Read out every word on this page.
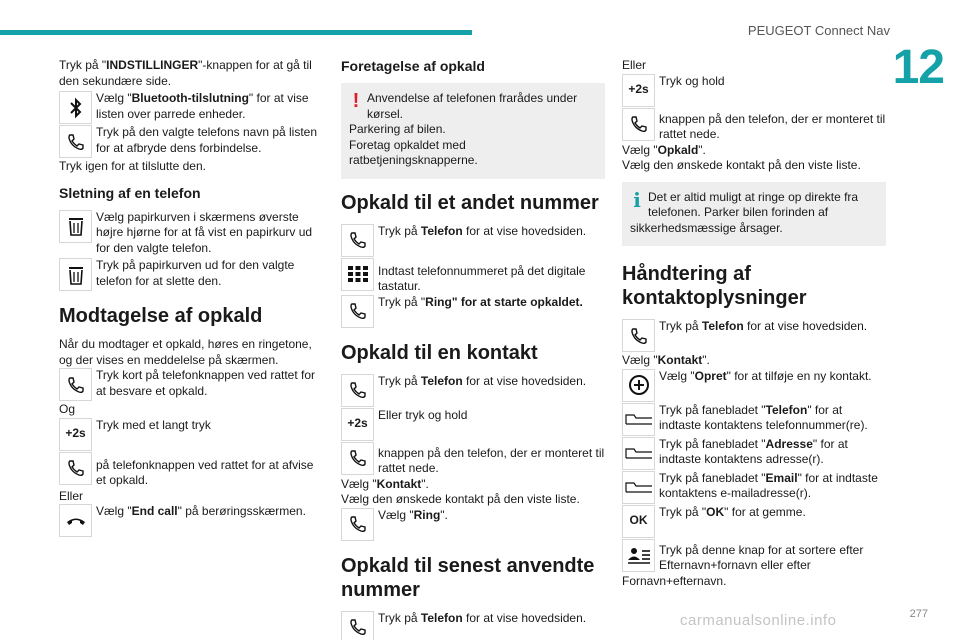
PEUGEOT Connect Nav
12
277
carmanualsonline.info

Tryk på "INDSTILLINGER"-knappen for at gå til den sekundære side.

Vælg "Bluetooth-tilslutning" for at vise listen over parrede enheder.

Tryk på den valgte telefons navn på listen for at afbryde dens forbindelse.

Tryk igen for at tilslutte den.

Sletning af en telefon

Vælg papirkurven i skærmens øverste højre hjørne for at få vist en papirkurv ud for den valgte telefon.

Tryk på papirkurven ud for den valgte telefon for at slette den.

Modtagelse af opkald

Når du modtager et opkald, høres en ringetone, og der vises en meddelelse på skærmen.

Tryk kort på telefonknappen ved rattet for at besvare et opkald.

Og

+2s

Tryk med et langt tryk

på telefonknappen ved rattet for at afvise et opkald.

Eller

Vælg "End call" på berøringsskærmen.

Foretagelse af opkald
! Anvendelse af telefonen frarådes under kørsel.

Parkering af bilen.

Foretag opkaldet med ratbetjeningsknapperne.

Opkald til et andet nummer

Tryk på Telefon for at vise hovedsiden.

Indtast telefonnummeret på det digitale tastatur.

Tryk på "Ring" for at starte opkaldet.

Opkald til en kontakt

Tryk på Telefon for at vise hovedsiden.

+2s

Eller tryk og hold

knappen på den telefon, der er monteret til rattet nede.

Vælg "Kontakt".

Vælg den ønskede kontakt på den viste liste.

Vælg "Ring".

Opkald til senest anvendte nummer

Tryk på Telefon for at vise hovedsiden.

Eller

+2s

Tryk og hold

knappen på den telefon, der er monteret til rattet nede.

Vælg "Opkald".

Vælg den ønskede kontakt på den viste liste.

i Det er altid muligt at ringe op direkte fra telefonen. Parker bilen forinden af sikkerhedsmæssige årsager.

Håndtering af kontaktoplysninger

Tryk på Telefon for at vise hovedsiden.

Vælg "Kontakt".

Vælg "Opret" for at tilføje en ny kontakt.

Tryk på fanebladet "Telefon" for at indtaste kontaktens telefonnummer(re).

Tryk på fanebladet "Adresse" for at indtaste kontaktens adresse(r).

Tryk på fanebladet "Email" for at indtaste kontaktens e-mailadresse(r).

OK

Tryk på "OK" for at gemme.

Tryk på denne knap for at sortere efter Efternavn+fornavn eller efter Fornavn+efternavn.
